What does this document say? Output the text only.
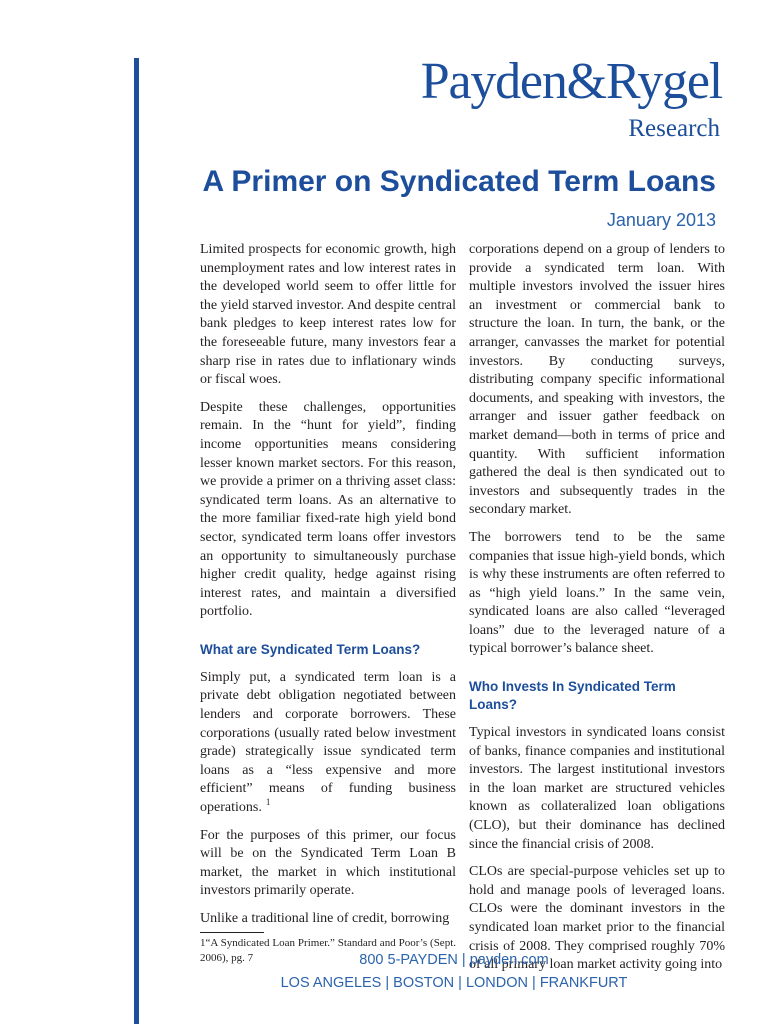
Payden&Rygel
Research
A Primer on Syndicated Term Loans
January 2013

Limited prospects for economic growth, high unemployment rates and low interest rates in the developed world seem to offer little for the yield starved investor. And despite central bank pledges to keep interest rates low for the foreseeable future, many investors fear a sharp rise in rates due to inflationary winds or fiscal woes.

Despite these challenges, opportunities remain. In the “hunt for yield”, finding income opportunities means considering lesser known market sectors. For this reason, we provide a primer on a thriving asset class: syndicated term loans. As an alternative to the more familiar fixed-rate high yield bond sector, syndicated term loans offer investors an opportunity to simultaneously purchase higher credit quality, hedge against rising interest rates, and maintain a diversified portfolio.

What are Syndicated Term Loans?

Simply put, a syndicated term loan is a private debt obligation negotiated between lenders and corporate borrowers. These corporations (usually rated below investment grade) strategically issue syndicated term loans as a “less expensive and more efficient” means of funding business operations. $^1$

For the purposes of this primer, our focus will be on the Syndicated Term Loan B market, the market in which institutional investors primarily operate.

Unlike a traditional line of credit, borrowing

1“A Syndicated Loan Primer.” Standard and Poor’s (Sept. 2006), pg. 7

corporations depend on a group of lenders to provide a syndicated term loan. With multiple investors involved the issuer hires an investment or commercial bank to structure the loan. In turn, the bank, or the arranger, canvasses the market for potential investors. By conducting surveys, distributing company specific informational documents, and speaking with investors, the arranger and issuer gather feedback on market demand—both in terms of price and quantity. With sufficient information gathered the deal is then syndicated out to investors and subsequently trades in the secondary market.

The borrowers tend to be the same companies that issue high-yield bonds, which is why these instruments are often referred to as “high yield loans.” In the same vein, syndicated loans are also called “leveraged loans” due to the leveraged nature of a typical borrower’s balance sheet.

Who Invests In Syndicated Term Loans?

Typical investors in syndicated loans consist of banks, finance companies and institutional investors. The largest institutional investors in the loan market are structured vehicles known as collateralized loan obligations (CLO), but their dominance has declined since the financial crisis of 2008.

CLOs are special-purpose vehicles set up to hold and manage pools of leveraged loans. CLOs were the dominant investors in the syndicated loan market prior to the financial crisis of 2008. They comprised roughly 70% of all primary loan market activity going into

800 5-PAYDEN | payden.com
LOS ANGELES | BOSTON | LONDON | FRANKFURT
